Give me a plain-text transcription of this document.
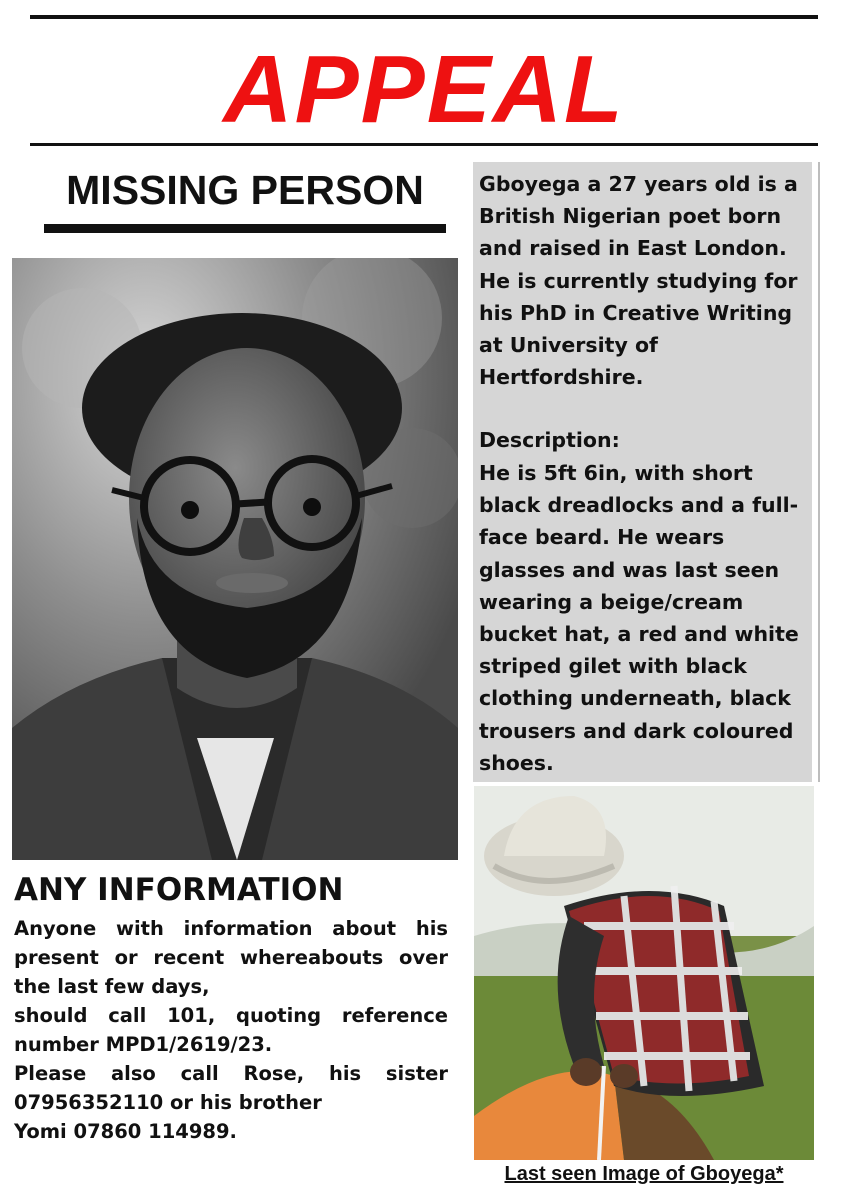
APPEAL
MISSING PERSON	Gboyega a 27 years old is a
British Nigerian poet born
and raised in East London.
He is currently studying for
his PhD in Creative Writing
at University of
Hertfordshire.
Description:
He is 5ft 6in, with short
black dreadlocks and a full-
face beard. He wears
glasses and was last seen
wearing a beige/cream
bucket hat, a red and white
striped gilet with black
clothing underneath, black
trousers and dark coloured
shoes.
Last seen Image of Gboyega*
ANY INFORMATION
Anyone with information about his
present or recent whereabouts over
the last few days,
should call 101, quoting reference
number MPD1/2619/23.
Please also call Rose, his sister
07956352110 or his brother
Yomi 07860 114989.
